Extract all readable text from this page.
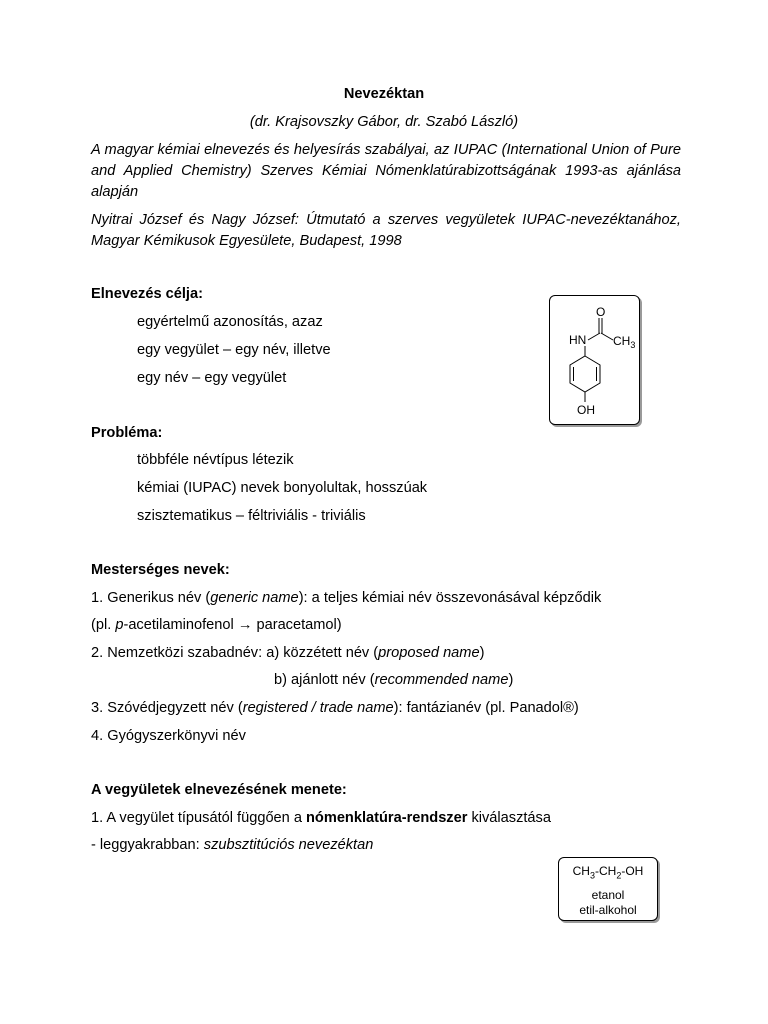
Nevezéktan
(dr. Krajsovszky Gábor, dr. Szabó László)
A magyar kémiai elnevezés és helyesírás szabályai, az IUPAC (International Union of Pure and Applied Chemistry) Szerves Kémiai Nómenklatúrabizottságának 1993-as ajánlása alapján
Nyitrai József és Nagy József: Útmutató a szerves vegyületek IUPAC-nevezéktanához, Magyar Kémikusok Egyesülete, Budapest, 1998
Elnevezés célja:
egyértelmű azonosítás, azaz
egy vegyület – egy név, illetve
egy név – egy vegyület
O
HN $CH_3$
OH
Probléma:
többféle névtípus létezik
kémiai (IUPAC) nevek bonyolultak, hosszúak
szisztematikus – féltriviális - triviális
Mesterséges nevek:
1. Generikus név (generic name): a teljes kémiai név összevonásával képződik
(pl. p-acetilaminofenol → paracetamol)
2. Nemzetközi szabadnév: a) közzétett név (proposed name)
b) ajánlott név (recommended name)
3. Szóvédjegyzett név (registered / trade name): fantázianév (pl. Panadol®)
4. Gyógyszerkönyvi név
A vegyületek elnevezésének menete:
1. A vegyület típusától függően a nómenklatúra-rendszer kiválasztása
- leggyakrabban: szubsztitúciós nevezéktan
$CH_3-CH_2-OH$
etanol
etil-alkohol
